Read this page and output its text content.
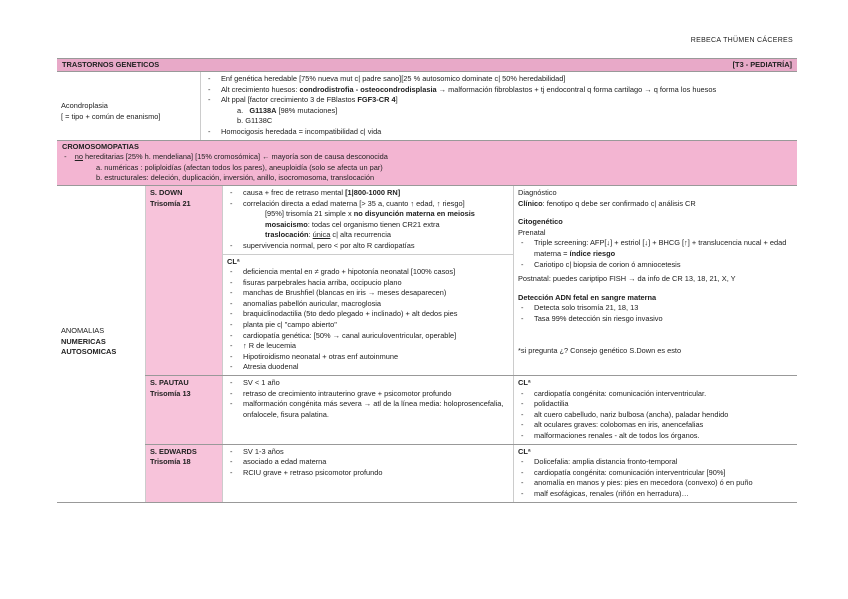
REBECA THÜMEN CÁCERES
TRASTORNOS GENETICOS	[T3 - PEDIATRÍA]
Acondroplasia
[ = tipo + común de enanismo]
- Enf genética heredable [75% nueva mut c| padre sano][25 % autosomico dominate c| 50% heredabilidad]
- Alt crecimiento huesos: condrodistrofia - osteocondrodisplasia → malformación fibroblastos + tj endocontral q forma cartilago → q forma los huesos
- Alt ppal [factor crecimiento 3 de FBlastos FGF3-CR 4]
a. G1138A [98% mutaciones]
b. G1138C
- Homocigosis heredada = incompatibilidad c| vida
CROMOSOMOPATIAS
- no hereditarias [25% h. mendeliana] [15% cromosómica] ← mayoría son de causa desconocida
a. numéricas : poliploidías (afectan todos los pares), aneuploidía (solo se afecta un par)
b. estructurales: deleción, duplicación, inversión, anillo, isocromosoma, translocación
ANOMALIAS
NUMERICAS
AUTOSOMICAS
S. DOWN
Trisomía 21
- causa + frec de retraso mental [1|800-1000 RN]
- correlación directa a edad materna [> 35 a, cuanto ↑ edad, ↑ riesgo]
[95%] trisomía 21 simple x no disyunción materna en meiosis
mosaicismo: todas cel organismo tienen CR21 extra
traslocación: única c| alta recurrencia
- supervivencia normal, pero < por alto R cardiopatías
CLª
- deficiencia mental en ≠ grado + hipotonía neonatal [100% casos]
- fisuras parpebrales hacia arriba, occipucio plano
- manchas de Brushfiel (blancas en iris → meses desaparecen)
- anomalías pabellón auricular, macroglosia
- braquiclinodactilia (5to dedo plegado + inclinado) + alt dedos pies
- planta pie c| "campo abierto"
- cardiopatía genética: [50% → canal auriculoventricular, operable]
- ↑ R de leucemia
- Hipotiroidismo neonatal + otras enf autoinmune
- Atresia duodenal
Diagnóstico
Clínico: fenotipo q debe ser confirmado c| análisis CR
Citogenético
Prenatal
- Triple screening: AFP[↓] + estriol [↓] + BHCG [↑] + translucencia nucal + edad materna = índice riesgo
- Cariotipo c| biopsia de corion ó amniocetesis
Postnatal: puedes cariptipo FISH → da info de CR 13, 18, 21, X, Y
Detección ADN fetal en sangre materna
- Detecta solo trisomía 21, 18, 13
- Tasa 99% detección sin riesgo invasivo
*si pregunta ¿? Consejo genético S.Down es esto
S. PAUTAU
Trisomía 13
- SV < 1 año
- retraso de crecimiento intrauterino grave + psicomotor profundo
- malformación congénita más severa → atl de la línea media: holoprosencefalia, onfalocele, fisura palatina.
CLª
- cardiopatía congénita: comunicación interventricular.
- polidactilia
- alt cuero cabelludo, nariz bulbosa (ancha), paladar hendido
- alt oculares graves: colobomas en iris, anencefalias
- malformaciones renales - alt de todos los órganos.
S. EDWARDS
Trisomía 18
- SV 1-3 años
- asociado a edad materna
- RCIU grave + retraso psicomotor profundo
CLª
- Dolicefalia: amplia distancia fronto-temporal
- cardiopatía congénita: comunicación interventricular [90%]
- anomalía en manos y pies: pies en mecedora (convexo) ó en puño
- malf esofágicas, renales (riñón en herradura)…
